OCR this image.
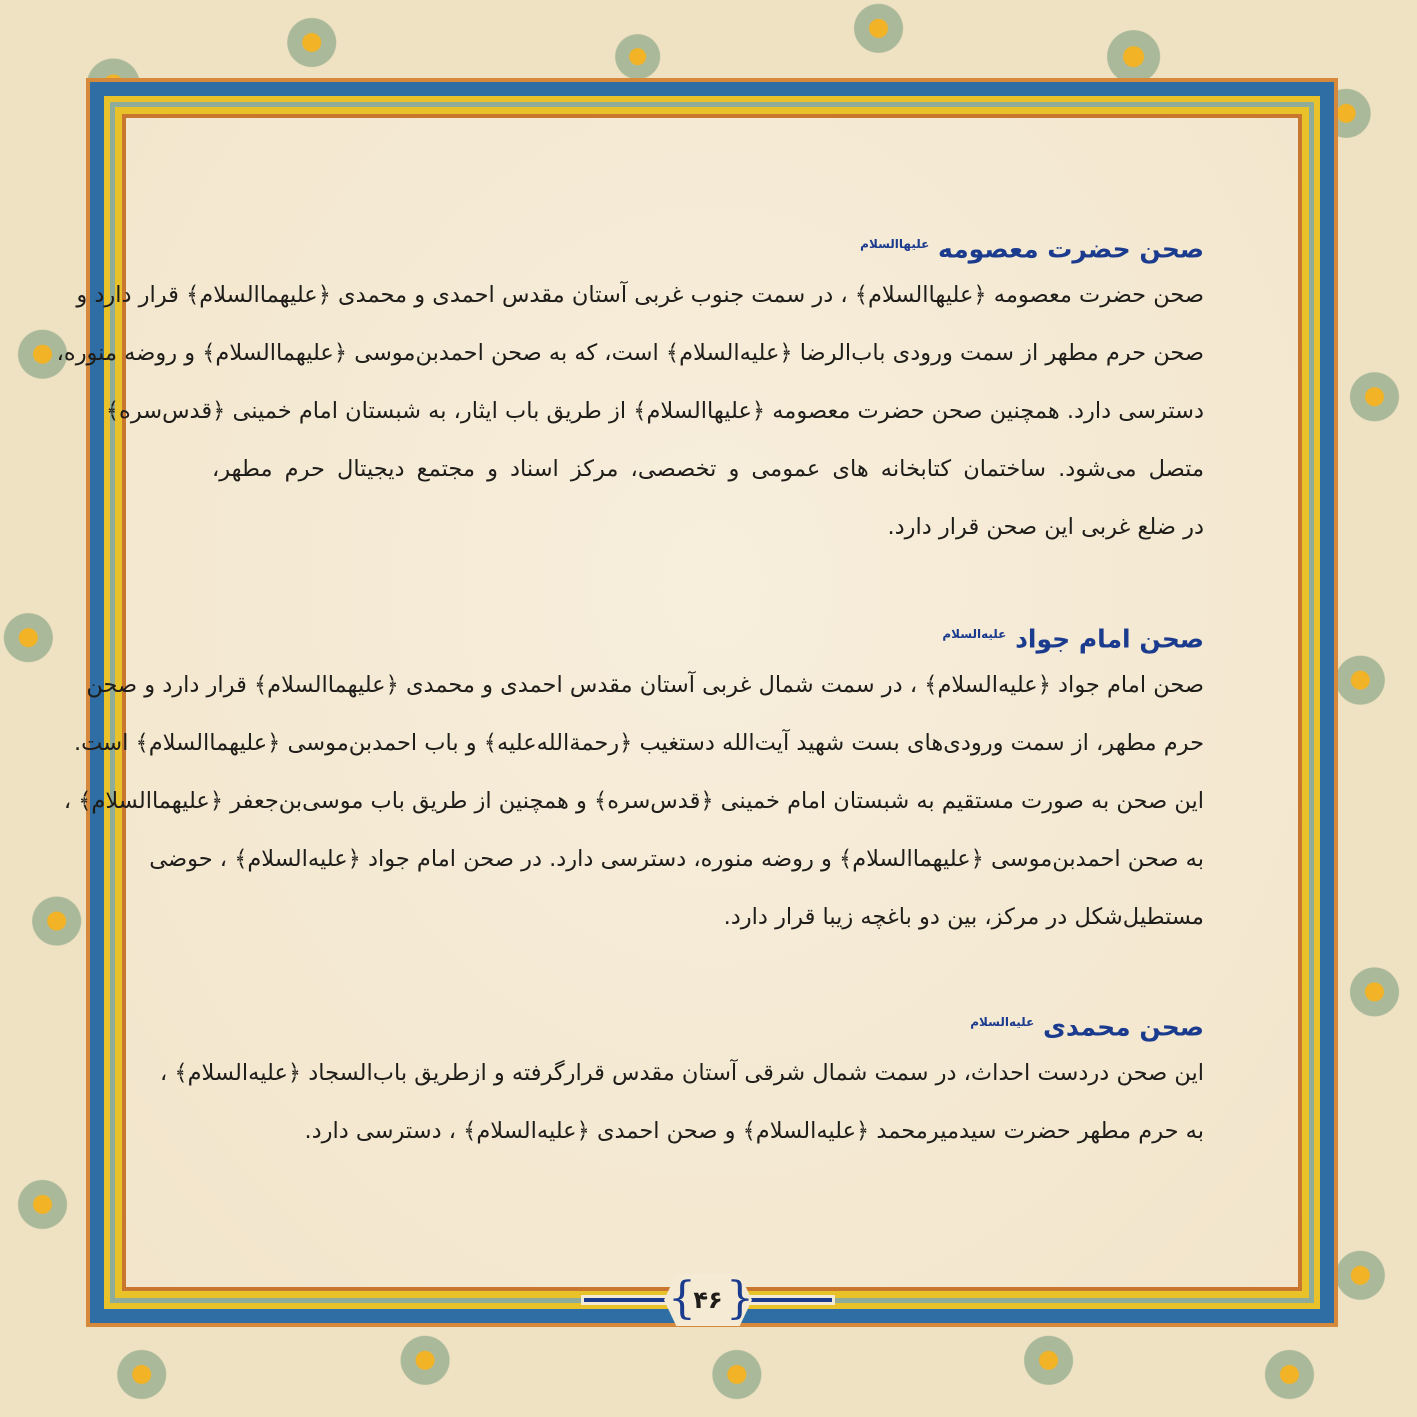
صحن حضرت معصومه $^{علیهاالسلام}$
صحن حضرت معصومه ﴿علیهاالسلام﴾ ، در سمت جنوب غربی آستان مقدس احمدی و محمدی ﴿علیهماالسلام﴾ قرار دارد و
صحن حرم مطهر از سمت ورودی باب‌الرضا ﴿علیه‌السلام﴾ است، که به صحن احمدبن‌موسی ﴿علیهماالسلام﴾ و روضه منوره،
دسترسی دارد. همچنین صحن حضرت معصومه ﴿علیهاالسلام﴾ از طریق باب ایثار، به شبستان امام خمینی ﴿قدس‌سره﴾
متصل می‌شود. ساختمان کتابخانه های عمومی و تخصصی، مرکز اسناد و مجتمع دیجیتال حرم مطهر،
در ضلع غربی این صحن قرار دارد.
صحن امام جواد $^{علیه‌السلام}$
صحن امام جواد ﴿علیه‌السلام﴾ ، در سمت شمال غربی آستان مقدس احمدی و محمدی ﴿علیهماالسلام﴾ قرار دارد و صحن
حرم مطهر، از سمت ورودی‌های بست شهید آیت‌الله دستغیب ﴿رحمة‌الله‌علیه﴾ و باب احمدبن‌موسی ﴿علیهماالسلام﴾ است.
این صحن به صورت مستقیم به شبستان امام خمینی ﴿قدس‌سره﴾ و همچنین از طریق باب موسی‌بن‌جعفر ﴿علیهماالسلام﴾ ،
به صحن احمدبن‌موسی ﴿علیهماالسلام﴾ و روضه منوره، دسترسی دارد. در صحن امام جواد ﴿علیه‌السلام﴾ ، حوضی
مستطیل‌شکل در مرکز، بین دو باغچه زیبا قرار دارد.
صحن محمدی $^{علیه‌السلام}$
این صحن دردست احداث، در سمت شمال شرقی آستان مقدس قرارگرفته و ازطریق باب‌السجاد ﴿علیه‌السلام﴾ ،
به حرم مطهر حضرت سیدمیرمحمد ﴿علیه‌السلام﴾ و صحن احمدی ﴿علیه‌السلام﴾ ، دسترسی دارد.
{ }
۴۶
